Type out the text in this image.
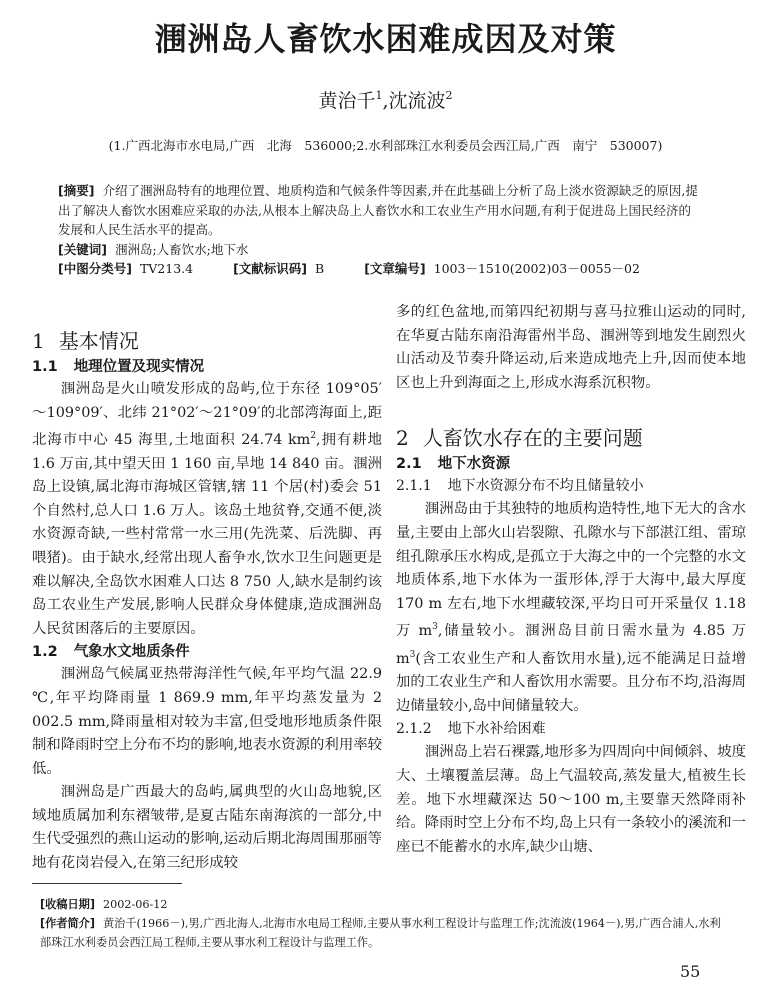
涠洲岛人畜饮水困难成因及对策
黄治千$^1$,沈流波$^2$
(1.广西北海市水电局,广西　北海　536000;2.水利部珠江水利委员会西江局,广西　南宁　530007)

[摘要] 介绍了涠洲岛特有的地理位置、地质构造和气候条件等因素,并在此基础上分析了岛上淡水资源缺乏的原因,提出了解决人畜饮水困难应采取的办法,从根本上解决岛上人畜饮水和工农业生产用水问题,有利于促进岛上国民经济的发展和人民生活水平的提高。

[关键词] 涠洲岛;人畜饮水;地下水

[中图分类号] TV213.4	[文献标识码] B	[文章编号] 1003－1510(2002)03－0055－02
1 基本情况
1.1 地理位置及现实情况

涠洲岛是火山喷发形成的岛屿,位于东径 109°05′～109°09′、北纬 21°02′～21°09′的北部湾海面上,距北海市中心 45 海里,土地面积 24.74 $km^2$,拥有耕地 1.6 万亩,其中望天田 1 160 亩,旱地 14 840 亩。涠洲岛上设镇,属北海市海城区管辖,辖 11 个居(村)委会 51 个自然村,总人口 1.6 万人。该岛土地贫脊,交通不便,淡水资源奇缺,一些村常常一水三用(先洗菜、后洗脚、再喂猪)。由于缺水,经常出现人畜争水,饮水卫生问题更是难以解决,全岛饮水困难人口达 8 750 人,缺水是制约该岛工农业生产发展,影响人民群众身体健康,造成涠洲岛人民贫困落后的主要原因。

1.2 气象水文地质条件

涠洲岛气候属亚热带海洋性气候,年平均气温 22.9 ℃,年平均降雨量 1 869.9 mm,年平均蒸发量为 2 002.5 mm,降雨量相对较为丰富,但受地形地质条件限制和降雨时空上分布不均的影响,地表水资源的利用率较低。

涠洲岛是广西最大的岛屿,属典型的火山岛地貌,区域地质属加利东褶皱带,是夏古陆东南海滨的一部分,中生代受强烈的燕山运动的影响,运动后期北海周围那丽等地有花岗岩侵入,在第三纪形成较

多的红色盆地,而第四纪初期与喜马拉雅山运动的同时,在华夏古陆东南沿海雷州半岛、涠洲等到地发生剧烈火山活动及节奏升降运动,后来造成地壳上升,因而使本地区也上升到海面之上,形成水海系沉积物。

2 人畜饮水存在的主要问题
2.1 地下水资源
2.1.1 地下水资源分布不均且储量较小

涠洲岛由于其独特的地质构造特性,地下无大的含水量,主要由上部火山岩裂隙、孔隙水与下部湛江组、雷琼组孔隙承压水构成,是孤立于大海之中的一个完整的水文地质体系,地下水体为一蛋形体,浮于大海中,最大厚度 170 m 左右,地下水埋藏较深,平均日可开采量仅 1.18 万 $m^3$,储量较小。涠洲岛目前日需水量为 4.85 万 $m^3$(含工农业生产和人畜饮用水量),远不能满足日益增加的工农业生产和人畜饮用水需要。且分布不均,沿海周边储量较小,岛中间储量较大。

2.1.2 地下水补给困难

涠洲岛上岩石裸露,地形多为四周向中间倾斜、坡度大、土壤覆盖层薄。岛上气温较高,蒸发量大,植被生长差。地下水埋藏深达 50～100 m,主要靠天然降雨补给。降雨时空上分布不均,岛上只有一条较小的溪流和一座已不能蓄水的水库,缺少山塘、

[收稿日期] 2002-06-12

[作者简介] 黄治千(1966－),男,广西北海人,北海市水电局工程师,主要从事水利工程设计与监理工作;沈流波(1964－),男,广西合浦人,水利部珠江水利委员会西江局工程师,主要从事水利工程设计与监理工作。

55
